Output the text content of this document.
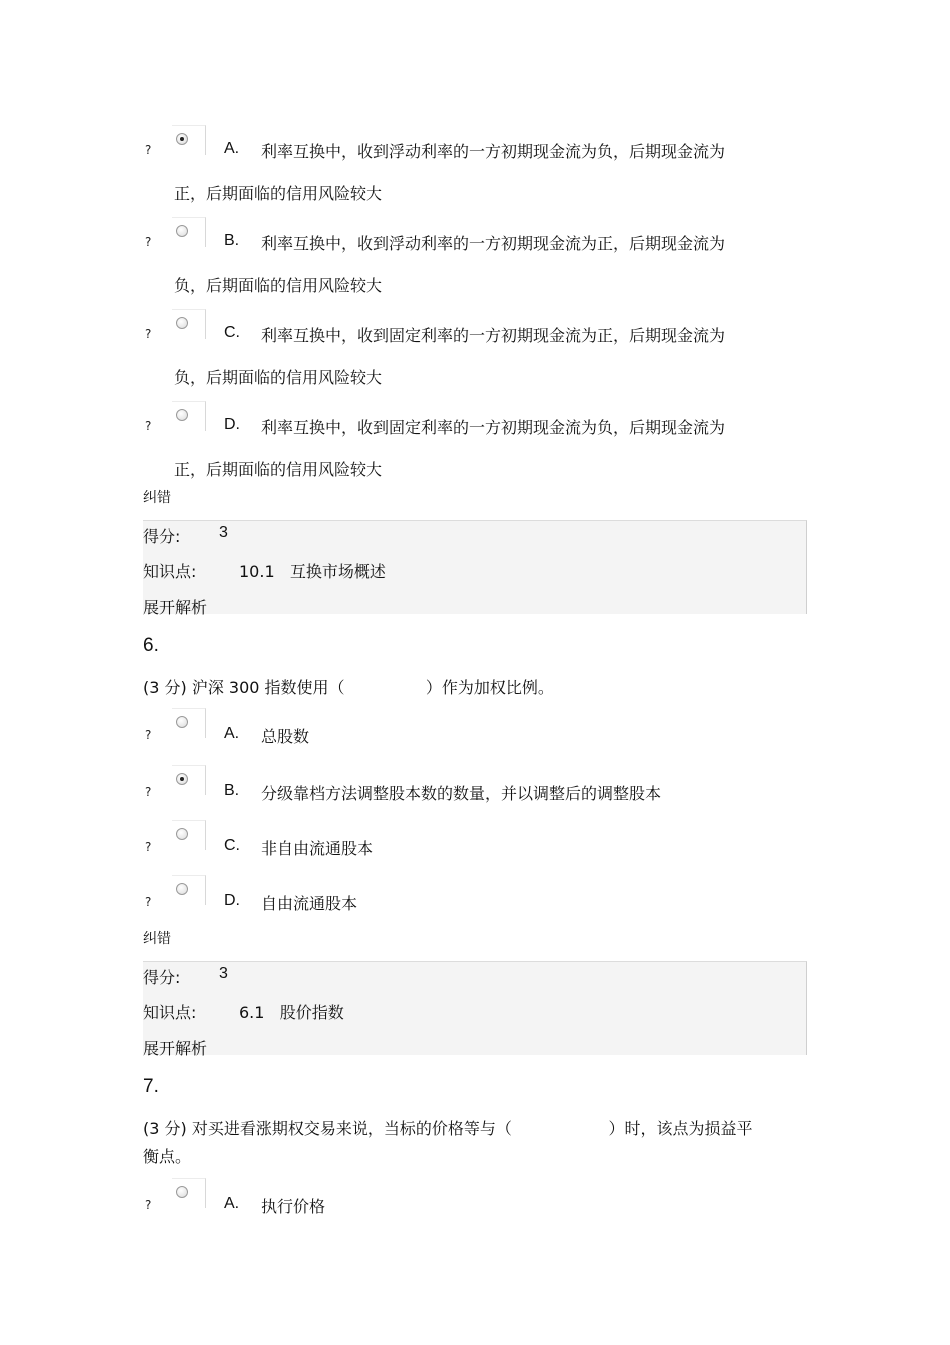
?	A. 利率互换中，收到浮动利率的一方初期现金流为负，后期现金流为
正，后期面临的信用风险较大
?	B. 利率互换中，收到浮动利率的一方初期现金流为正，后期现金流为
负，后期面临的信用风险较大
?	C. 利率互换中，收到固定利率的一方初期现金流为正，后期现金流为
负，后期面临的信用风险较大
?	D. 利率互换中，收到固定利率的一方初期现金流为负，后期现金流为
正，后期面临的信用风险较大
纠错
得分: 3
知识点:	10.1   互换市场概述
展开解析
6.
(3 分) 沪深 300 指数使用（                ）作为加权比例。
?	A. 总股数
?	B. 分级靠档方法调整股本数的数量，并以调整后的调整股本
?	C. 非自由流通股本
?	D. 自由流通股本
纠错
得分: 3
知识点:	6.1   股价指数
展开解析
7.
(3 分) 对买进看涨期权交易来说，当标的价格等与（                   ）时，该点为损益平
衡点。
?	A. 执行价格
